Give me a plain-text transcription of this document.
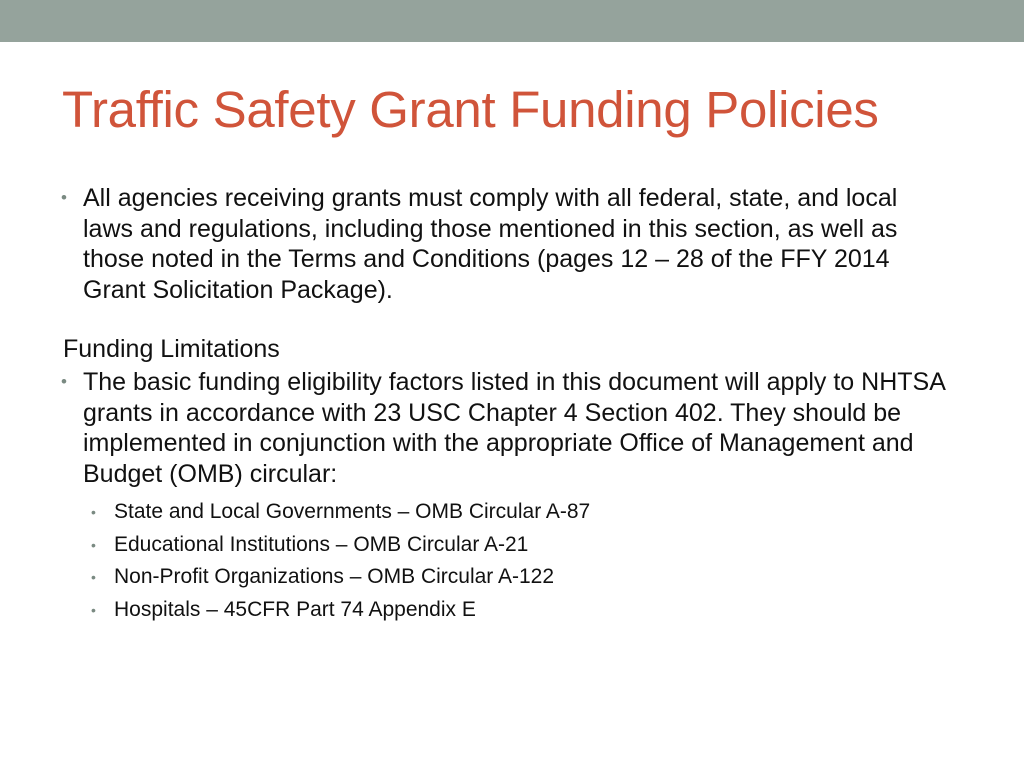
Traffic Safety Grant Funding Policies
• All agencies receiving grants must comply with all federal, state, and local laws and regulations, including those mentioned in this section, as well as those noted in the Terms and Conditions (pages 12 – 28 of the FFY 2014 Grant Solicitation Package).
Funding Limitations
• The basic funding eligibility factors listed in this document will apply to NHTSA grants in accordance with 23 USC Chapter 4 Section 402. They should be implemented in conjunction with the appropriate Office of Management and Budget (OMB) circular:
• State and Local Governments – OMB Circular A-87
• Educational Institutions – OMB Circular A-21
• Non-Profit Organizations – OMB Circular A-122
• Hospitals – 45CFR Part 74 Appendix E
